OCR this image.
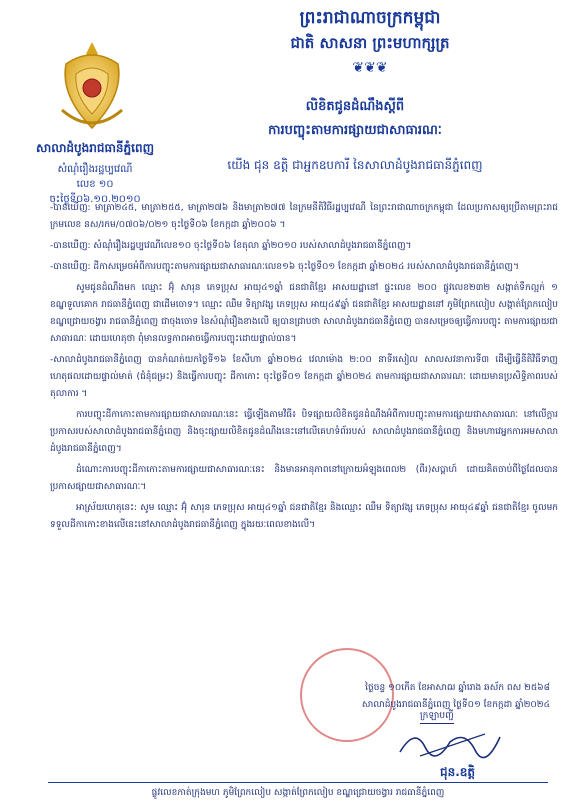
ព្រះរាជាណាចក្រកម្ពុជា
ជាតិ សាសនា ព្រះមហាក្សត្រ
❦❦❦
សាលាដំបូងរាជធានីភ្នំពេញ
សំណុំរឿងរដ្ឋប្បវេណី
លេខ ១០
ចុះថ្ងៃទី០៦.១០.២០១០
លិខិតជូនដំណឹងស្តីពី
ការបញ្ចុះតាមការផ្សាយជាសាធារណៈ
យើង ជុន ឧត្តិ ជាអ្នកឧបការី នៃសាលាដំបូងរាជធានីភ្នំពេញ

-បានឃើញ: មាត្រា២៤៥, មាត្រា២៥៥, មាត្រា២៧៦ និងមាត្រា២៧៧ នៃក្រមនីតិវិធីរដ្ឋប្បវេណី នៃព្រះរាជាណាចក្រកម្ពុជា ដែលប្រកាសឲ្យប្រើតាមព្រះរាជក្រមលេខ នស/រកម/០៧០៦/០២១ ចុះថ្ងៃទី០៦ ខែកក្កដា ឆ្នាំ២០០៦ ។

-បានឃើញ: សំណុំរឿងរដ្ឋប្បវេណីលេខ១០ ចុះថ្ងៃទី០៦ ខែតុលា ឆ្នាំ២០១០ របស់សាលាដំបូងរាជធានីភ្នំពេញ។

-បានឃើញ: ដីកាសម្រេចអំពីការបញ្ចុះតាមការផ្សាយជាសាធារណៈលេខ១៦ ចុះថ្ងៃទី០១ ខែកក្កដា ឆ្នាំ២០២៤ របស់សាលាដំបូងរាជធានីភ្នំពេញ។

សូមជូនដំណឹងមក ឈ្មោះ អ៊ុំ សារុន ភេទប្រុស អាយុ៤១ឆ្នាំ ជនជាតិខ្មែរ អាសយដ្ឋានៅ ផ្ទះលេខ ២០០ ផ្លូវលេខ២៣២ សង្កាត់ទឹកល្អក់ ១ ខណ្ឌទួលគោក រាជធានីភ្នំពេញ ជាដើមចោទ។ ឈ្មោះ ឈឹម ទិត្យាវង្ស ភេទប្រុស អាយុ៤៩ឆ្នាំ ជនជាតិខ្មែរ អាសយដ្ឋាននៅ ភូមិព្រែកលៀប សង្កាត់ព្រែកលៀប ខណ្ឌជ្រោយចង្វារ រាជធានីភ្នំពេញ ជាចុងចោទ នៃសំណុំរឿងខាងលើ ឲ្យបានជ្រាបថា សាលាដំបូងរាជធានីភ្នំពេញ បានសម្រេចឲ្យធ្វើការបញ្ចុះ តាមការផ្សាយជាសាធារណៈ ដោយហេតុថា ពុំមានលទ្ធភាពអាចធ្វើការបញ្ចុះដោយផ្ទាល់បាន។

-សាលាដំបូងរាជធានីភ្នំពេញ បានកំណត់យកថ្ងៃទី១៦ ខែសីហា ឆ្នាំ២០២៤ វេលាម៉ោង ២:០០ នាទីរសៀល សាលសវនាការទី៣ ដើម្បីធ្វើនីតិវិធីទាញហេតុផលដោយផ្ទាល់មាត់ (ជំនុំជម្រះ) និងធ្វើការបញ្ចុះ ដីកាកោះ ចុះថ្ងៃទី០១ ខែកក្កដា ឆ្នាំ២០២៤ តាមការផ្សាយជាសាធារណៈ ដោយមានប្រសិទ្ធិភាពរបស់តុលាការ ។

ការបញ្ចុះដីកាកោះតាមការផ្សាយជាសាធារណៈនេះ ធ្វើឡើងតាមវិធី៖ បិទផ្សាយលិខិតជូនដំណឹងអំពីការបញ្ចុះតាមការផ្សាយជាសាធារណៈ នៅលើក្តារប្រកាសរបស់សាលាដំបូងរាជធានីភ្នំពេញ និងចុះផ្សាយលិខិតជូនដំណឹងនេះនៅលើគេហទំព័ររបស់ សាលាដំបូងរាជធានីភ្នំពេញ និងមហាវេអ្នកការអមសាលាដំបូងរាជធានីភ្នំពេញ។

ដំណោះការបញ្ចុះដីកាកោះតាមការផ្សាយជាសាធារណៈនេះ និងមានអានុភាពនៅក្រោយអំឡុងពេល២ (ពីរ)សប្តាហ៍ ដោយគិតចាប់ពីថ្ងៃដែលបានប្រកាសផ្សាយជាសាធារណៈ។

អាស្រ័យហេតុនេះ: សូម ឈ្មោះ អ៊ុំ សារុន ភេទប្រុស អាយុ៤១ឆ្នាំ ជនជាតិខ្មែរ និងឈ្មោះ ឈឹម ទិត្យាវង្ស ភេទប្រុស អាយុ៤៩ឆ្នាំ ជនជាតិខ្មែរ ចូលមកទទួលដីកាកោះខាងលើនេះនៅសាលាដំបូងរាជធានីភ្នំពេញ ក្នុងរយៈពេលខាងលើ។

ថ្ងៃចន្ទ ១០កើត ខែអាសាឍ ឆ្នាំរោង ឆស័ក ពស ២៥៦៨
សាលាដំបូងរាជធានីភ្នំពេញ ថ្ងៃទី០១ ខែកក្កដា ឆ្នាំ២០២៤
ក្រឡាបញ្ជី
ជុន.ឧត្តិ
ផ្លូវលេខកាត់ក្រុងមហ ភូមិព្រែកលៀប សង្កាត់ព្រែកលៀប ខណ្ឌជ្រោយចង្វារ រាជធានីភ្នំពេញ
